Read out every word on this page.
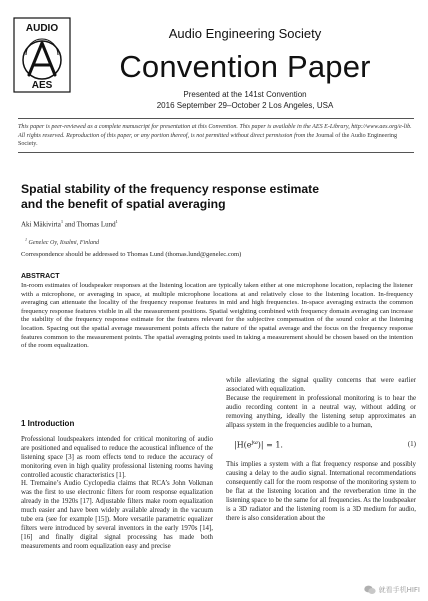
AUDIO
AES
Audio Engineering Society
Convention Paper
Presented at the 141st Convention
2016 September 29–October 2 Los Angeles, USA
This paper is peer-reviewed as a complete manuscript for presentation at this Convention. This paper is available in the AES E-Library, http://www.aes.org/e-lib. All rights reserved. Reproduction of this paper, or any portion thereof, is not permitted without direct permission from the Journal of the Audio Engineering Society.
Spatial stability of the frequency response estimate
and the benefit of spatial averaging
Aki Mäkivirta$^1$ and Thomas Lund$^1$
$^1$ Genelec Oy, Iisalmi, Finland
Correspondence should be addressed to Thomas Lund (thomas.lund@genelec.com)
ABSTRACT
In-room estimates of loudspeaker responses at the listening location are typically taken either at one microphone location, replacing the listener with a microphone, or averaging in space, at multiple microphone locations at and relatively close to the listening location. In-frequency averaging can attenuate the locality of the frequency response features in mid and high frequencies. In-space averaging extracts the common frequency response features visible in all the measurement positions. Spatial weighting combined with frequency domain averaging can increase the stability of the frequency response estimate for the features relevant for the subjective compensation of the sound color at the listening location. Spacing out the spatial average measurement points affects the nature of the spatial average and the focus on the frequency response features common to the measurement points. The spatial averaging points used in taking a measurement should be chosen based on the intention of the room equalization.
1 Introduction

Professional loudspeakers intended for critical monitoring of audio are positioned and equalised to reduce the acoustical influence of the listening space [3] as room effects tend to reduce the accuracy of monitoring even in high quality professional listening rooms having controlled acoustic characteristics [1].

H. Tremaine’s Audio Cyclopedia claims that RCA’s John Volkman was the first to use electronic filters for room response equalization already in the 1920s [17]. Adjustable filters make room equalization much easier and have been widely available already in the vacuum tube era (see for example [15]). More versatile parametric equalizer filters were introduced by several inventors in the early 1970s [14],[16] and finally digital signal processing has made both measurements and room equalization easy and precise

while alleviating the signal quality concerns that were earlier associated with equalization.

Because the requirement in professional monitoring is to hear the audio recording content in a neutral way, without adding or removing anything, ideally the listening setup approximates an allpass system in the frequencies audible to a human,

$|H(e^{j\omega})| = 1$.	(1)

This implies a system with a flat frequency response and possibly causing a delay to the audio signal. International recommendations consequently call for the room response of the monitoring system to be flat at the listening location and the reverberation time in the listening space to be the same for all frequencies. As the loudspeaker is a 3D radiator and the listening room is a 3D medium for audio, there is also consideration about the

就看手机HIFI
